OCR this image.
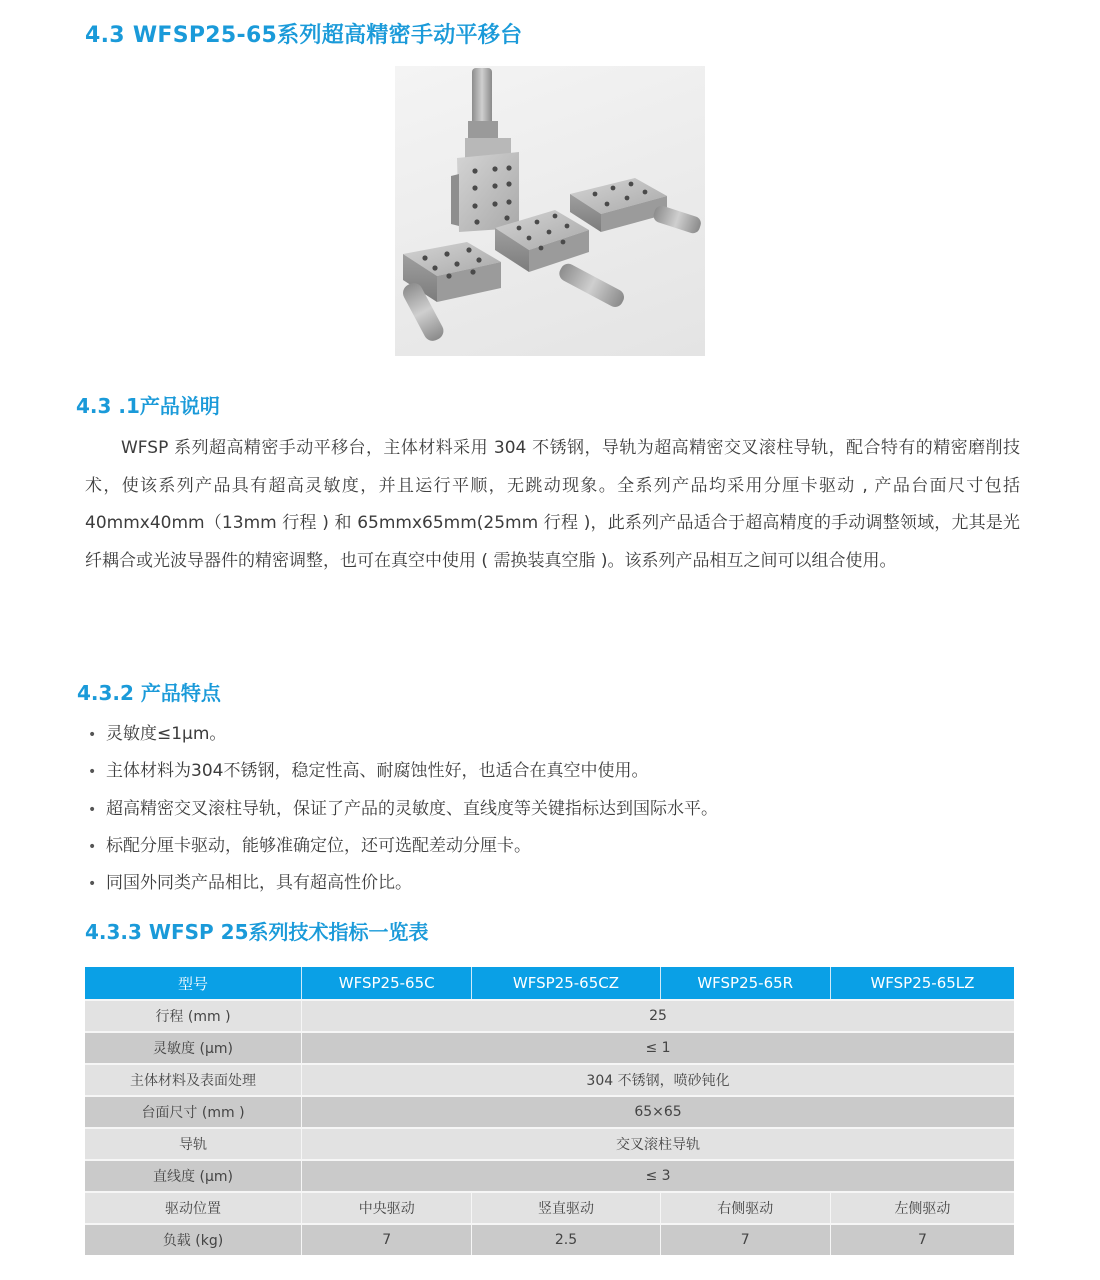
4.3 WFSP25-65系列超高精密手动平移台
4.3 .1产品说明

WFSP 系列超高精密手动平移台，主体材料采用 304 不锈钢，导轨为超高精密交叉滚柱导轨，配合特有的精密磨削技术，使该系列产品具有超高灵敏度，并且运行平顺，无跳动现象。全系列产品均采用分厘卡驱动 , 产品台面尺寸包括 40mmx40mm（13mm 行程 ) 和 65mmx65mm(25mm 行程 )，此系列产品适合于超高精度的手动调整领域，尤其是光纤耦合或光波导器件的精密调整，也可在真空中使用 ( 需换装真空脂 )。该系列产品相互之间可以组合使用。

4.3.2 产品特点
• 灵敏度≤1μm。
• 主体材料为304不锈钢，稳定性高、耐腐蚀性好，也适合在真空中使用。
• 超高精密交叉滚柱导轨，保证了产品的灵敏度、直线度等关键指标达到国际水平。
• 标配分厘卡驱动，能够准确定位，还可选配差动分厘卡。
• 同国外同类产品相比，具有超高性价比。
4.3.3 WFSP 25系列技术指标一览表
型号	WFSP25-65C	WFSP25-65CZ	WFSP25-65R	WFSP25-65LZ
行程 (mm )	25			
灵敏度 (μm)	≤ 1			
主体材料及表面处理	304 不锈钢，喷砂钝化			
台面尺寸 (mm )	65×65			
导轨	交叉滚柱导轨			
直线度 (μm)	≤ 3			
驱动位置	中央驱动	竖直驱动	右侧驱动	左侧驱动
负载 (kg)	7	2.5	7	7
